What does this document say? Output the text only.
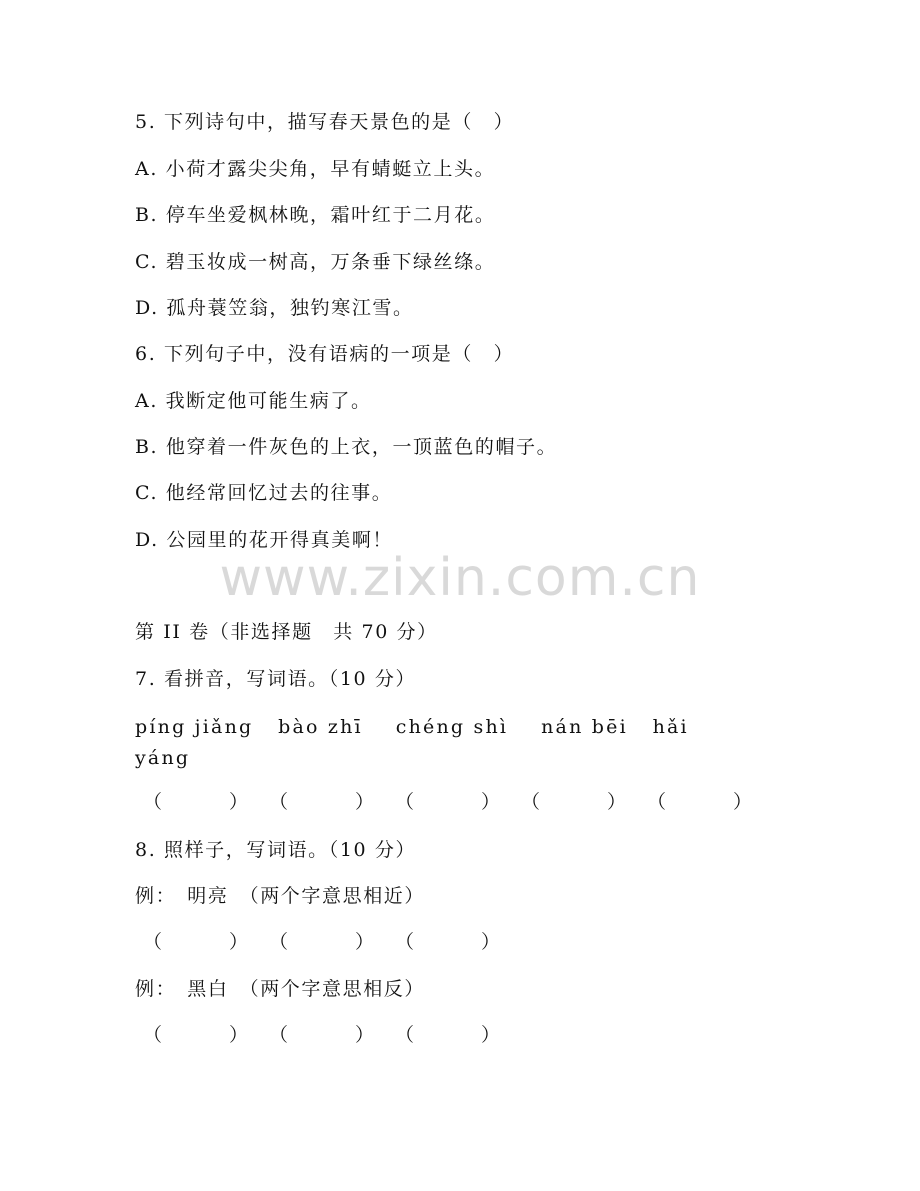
5. 下列诗句中，描写春天景色的是（　）
A. 小荷才露尖尖角，早有蜻蜓立上头。
B. 停车坐爱枫林晚，霜叶红于二月花。
C. 碧玉妆成一树高，万条垂下绿丝绦。
D. 孤舟蓑笠翁，独钓寒江雪。
6. 下列句子中，没有语病的一项是（　）
A. 我断定他可能生病了。
B. 他穿着一件灰色的上衣，一顶蓝色的帽子。
C. 他经常回忆过去的往事。
D. 公园里的花开得真美啊！
www.zixin.com.cn
第 II 卷（非选择题　共 70 分）
7. 看拼音，写词语。（10 分）
píng jiǎng   bào zhī    chéng shì    nán bēi   hǎi
yáng
（	） （	） （	） （	） （	）
8. 照样子，写词语。（10 分）
例：　明亮　（两个字意思相近）
（	） （	） （	）
例：　黑白　（两个字意思相反）
（	） （	） （	）
